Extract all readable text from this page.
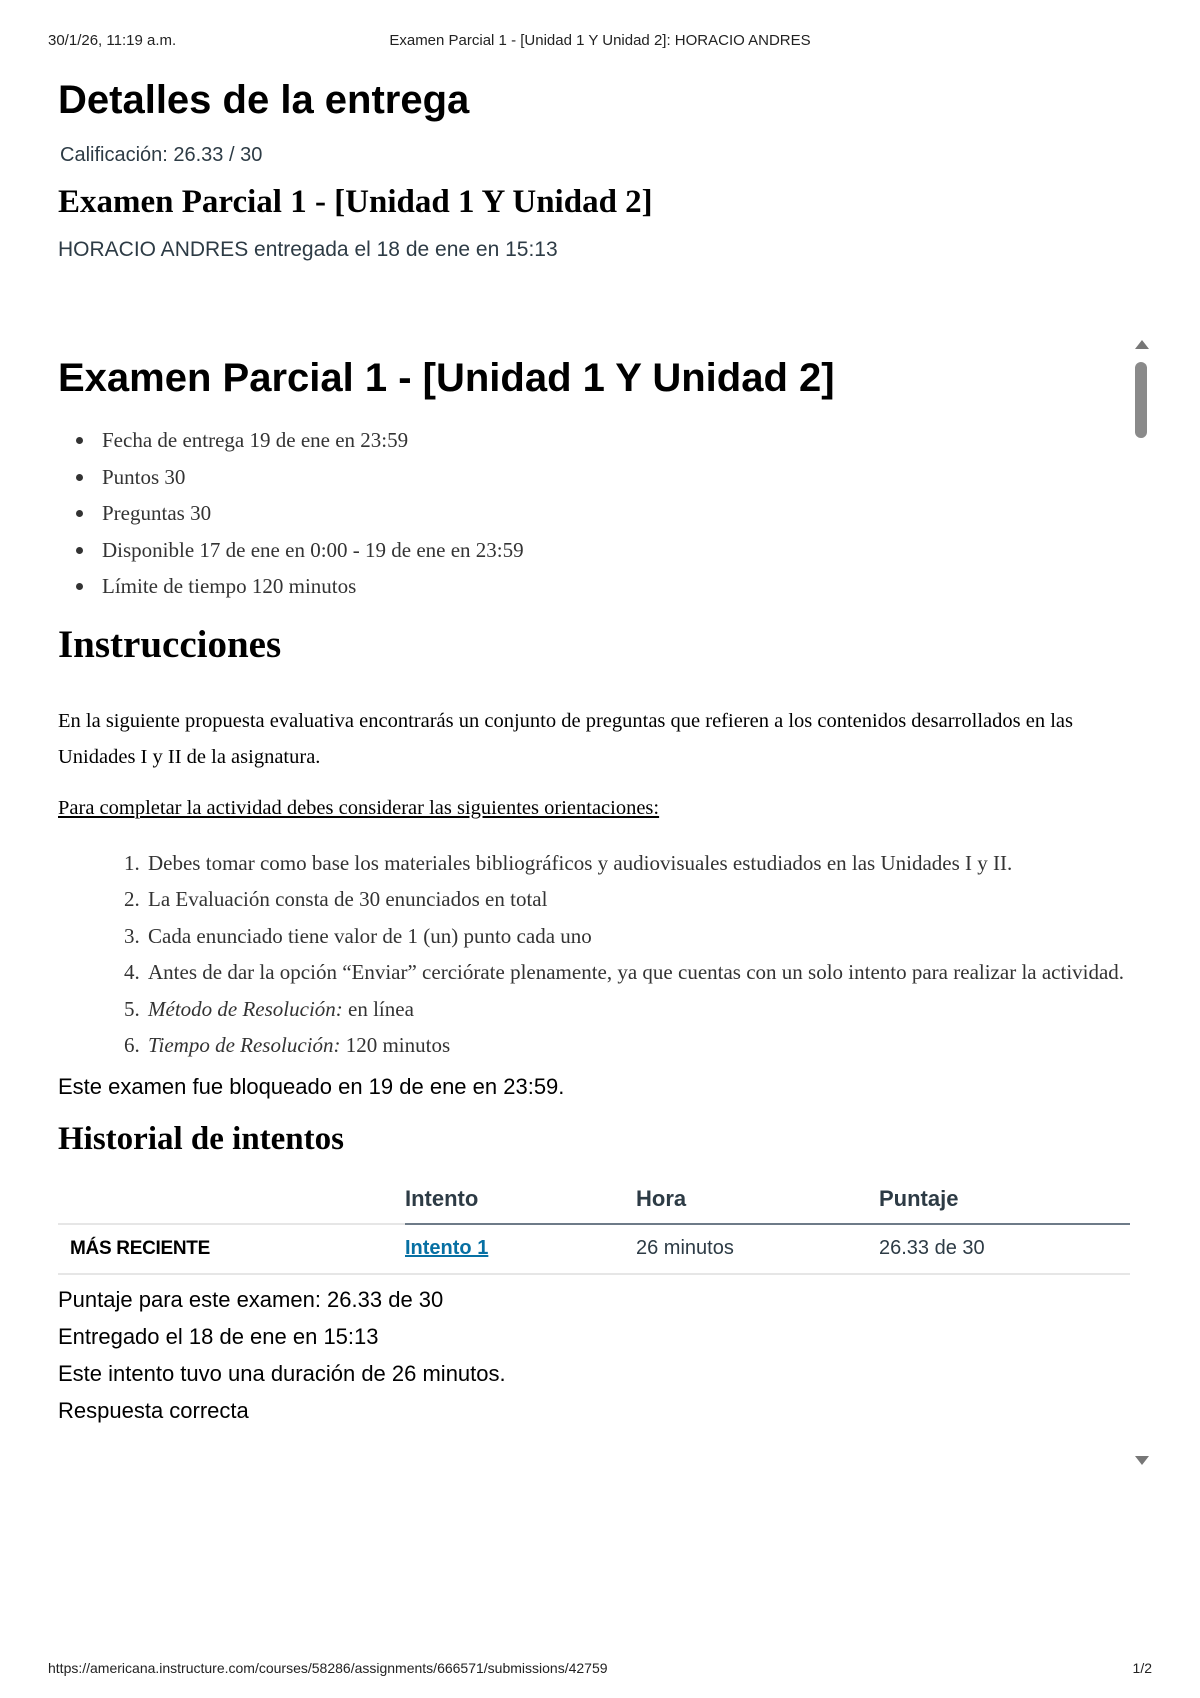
30/1/26, 11:19 a.m.	Examen Parcial 1 - [Unidad 1 Y Unidad 2]: HORACIO ANDRES
Detalles de la entrega
Calificación: 26.33 / 30
Examen Parcial 1 - [Unidad 1 Y Unidad 2]
HORACIO ANDRES entregada el 18 de ene en 15:13
Examen Parcial 1 - [Unidad 1 Y Unidad 2]
Fecha de entrega 19 de ene en 23:59
Puntos 30
Preguntas 30
Disponible 17 de ene en 0:00 - 19 de ene en 23:59
Límite de tiempo 120 minutos
Instrucciones
En la siguiente propuesta evaluativa encontrarás un conjunto de preguntas que refieren a los contenidos desarrollados en las Unidades I y II de la asignatura.
Para completar la actividad debes considerar las siguientes orientaciones:
1. Debes tomar como base los materiales bibliográficos y audiovisuales estudiados en las Unidades I y II.
2. La Evaluación consta de 30 enunciados en total
3. Cada enunciado tiene valor de 1 (un) punto cada uno
4. Antes de dar la opción “Enviar” cerciórate plenamente, ya que cuentas con un solo intento para realizar la actividad.
5. Método de Resolución: en línea
6. Tiempo de Resolución: 120 minutos
Este examen fue bloqueado en 19 de ene en 23:59.
Historial de intentos
	Intento	Hora	Puntaje
MÁS RECIENTE	Intento 1	26 minutos	26.33 de 30
Puntaje para este examen: 26.33 de 30
Entregado el 18 de ene en 15:13
Este intento tuvo una duración de 26 minutos.
Respuesta correcta
https://americana.instructure.com/courses/58286/assignments/666571/submissions/42759	1/2
